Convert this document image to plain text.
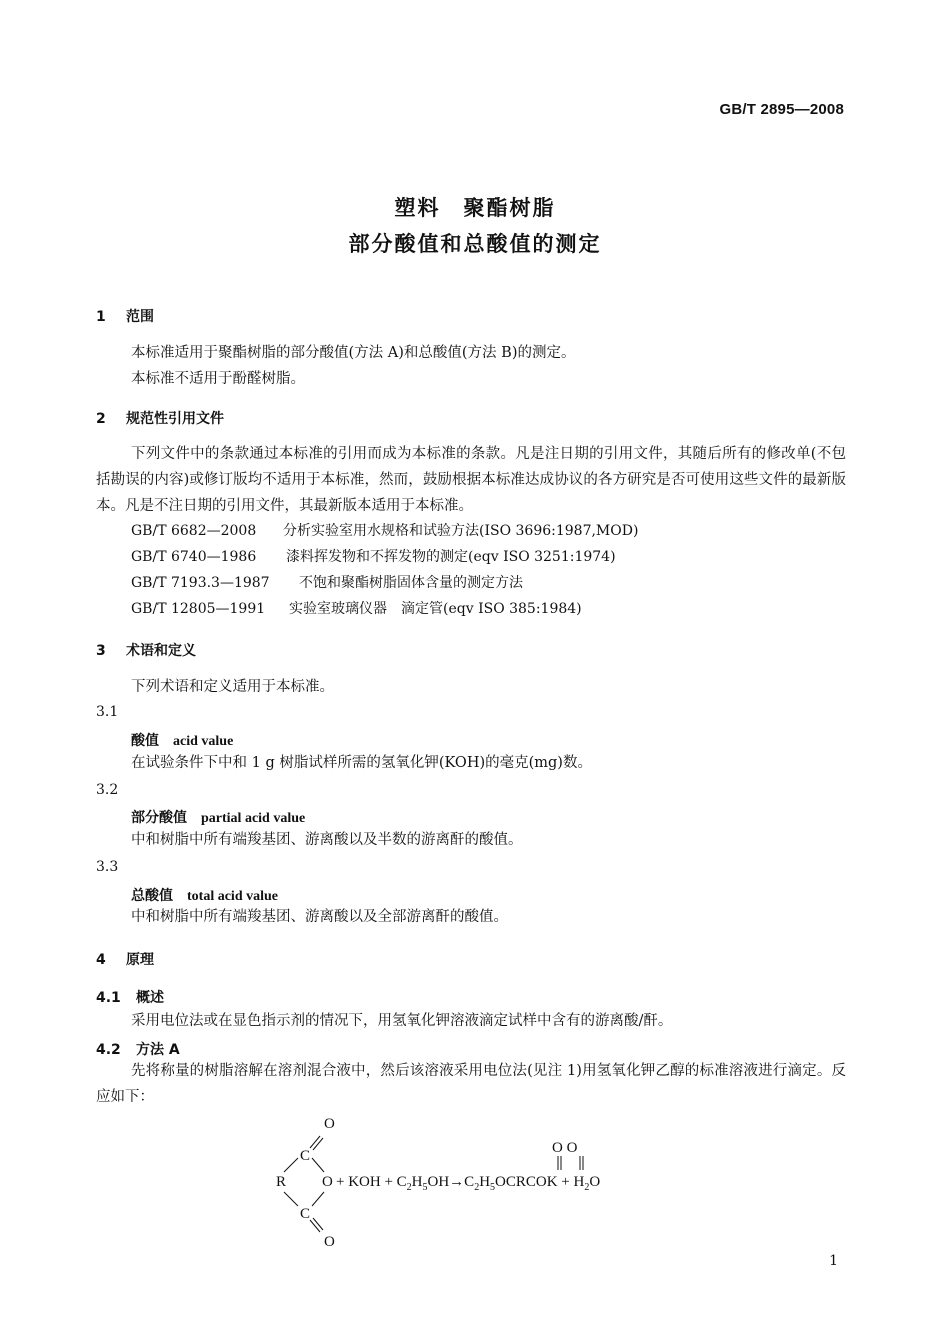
GB/T 2895—2008
塑料　聚酯树脂
部分酸值和总酸值的测定
1 范围
本标准适用于聚酯树脂的部分酸值(方法 A)和总酸值(方法 B)的测定。
本标准不适用于酚醛树脂。
2 规范性引用文件
下列文件中的条款通过本标准的引用而成为本标准的条款。凡是注日期的引用文件，其随后所有的修改单(不包括勘误的内容)或修订版均不适用于本标准，然而，鼓励根据本标准达成协议的各方研究是否可使用这些文件的最新版本。凡是不注日期的引用文件，其最新版本适用于本标准。
GB/T 6682—2008 分析实验室用水规格和试验方法(ISO 3696:1987,MOD)
GB/T 6740—1986 漆料挥发物和不挥发物的测定(eqv ISO 3251:1974)
GB/T 7193.3—1987 不饱和聚酯树脂固体含量的测定方法
GB/T 12805—1991 实验室玻璃仪器　滴定管(eqv ISO 385:1984)
3 术语和定义
下列术语和定义适用于本标准。
3.1
酸值 acid value
在试验条件下中和 1 g 树脂试样所需的氢氧化钾(KOH)的毫克(mg)数。
3.2
部分酸值 partial acid value
中和树脂中所有端羧基团、游离酸以及半数的游离酐的酸值。
3.3
总酸值 total acid value
中和树脂中所有端羧基团、游离酸以及全部游离酐的酸值。
4 原理
4.1 概述
采用电位法或在显色指示剂的情况下，用氢氧化钾溶液滴定试样中含有的游离酸/酐。
4.2 方法 A
先将称量的树脂溶解在溶剂混合液中，然后该溶液采用电位法(见注 1)用氢氧化钾乙醇的标准溶液进行滴定。反应如下：
O
C
R O + KOH + $C_2H_5OH\to C_2H_5OCRCOK + H_2O$
O O
C
O
1
